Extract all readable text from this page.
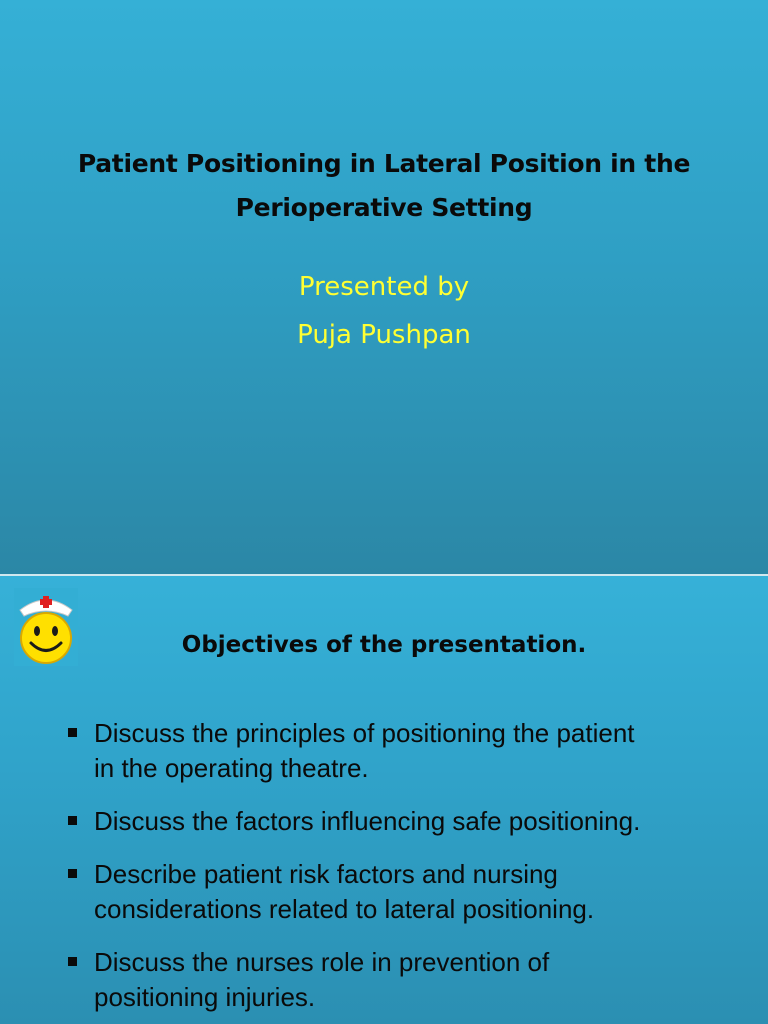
Patient Positioning in Lateral Position in the
Perioperative Setting
Presented by
Puja Pushpan
Objectives of the presentation.
Discuss the principles of positioning the patient
in the operating theatre.
Discuss the factors influencing safe positioning.
Describe patient risk factors and nursing
considerations related to lateral positioning.
Discuss the nurses role in prevention of
positioning injuries.
